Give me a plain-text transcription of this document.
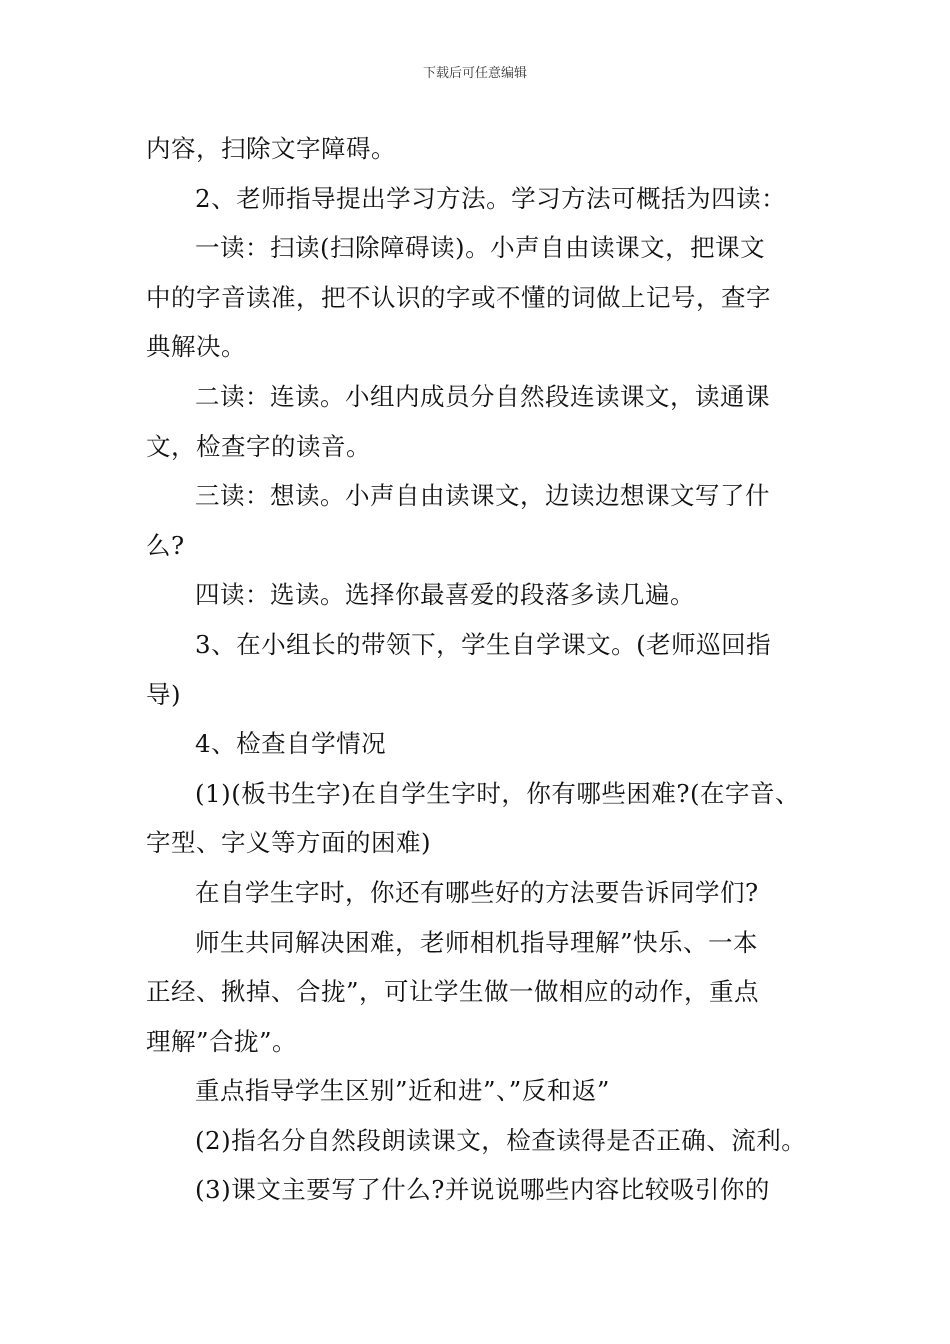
下载后可任意编辑
内容，扫除文字障碍。
2、老师指导提出学习方法。学习方法可概括为四读：
一读：扫读(扫除障碍读)。小声自由读课文，把课文
中的字音读准，把不认识的字或不懂的词做上记号，查字
典解决。
二读：连读。小组内成员分自然段连读课文，读通课
文，检查字的读音。
三读：想读。小声自由读课文，边读边想课文写了什
么?
四读：选读。选择你最喜爱的段落多读几遍。
3、在小组长的带领下，学生自学课文。(老师巡回指
导)
4、检查自学情况
(1)(板书生字)在自学生字时，你有哪些困难?(在字音、
字型、字义等方面的困难)
在自学生字时，你还有哪些好的方法要告诉同学们?
师生共同解决困难，老师相机指导理解”快乐、一本
正经、揪掉、合拢”，可让学生做一做相应的动作，重点
理解”合拢”。
重点指导学生区别”近和进”、”反和返”
(2)指名分自然段朗读课文，检查读得是否正确、流利。
(3)课文主要写了什么?并说说哪些内容比较吸引你的
